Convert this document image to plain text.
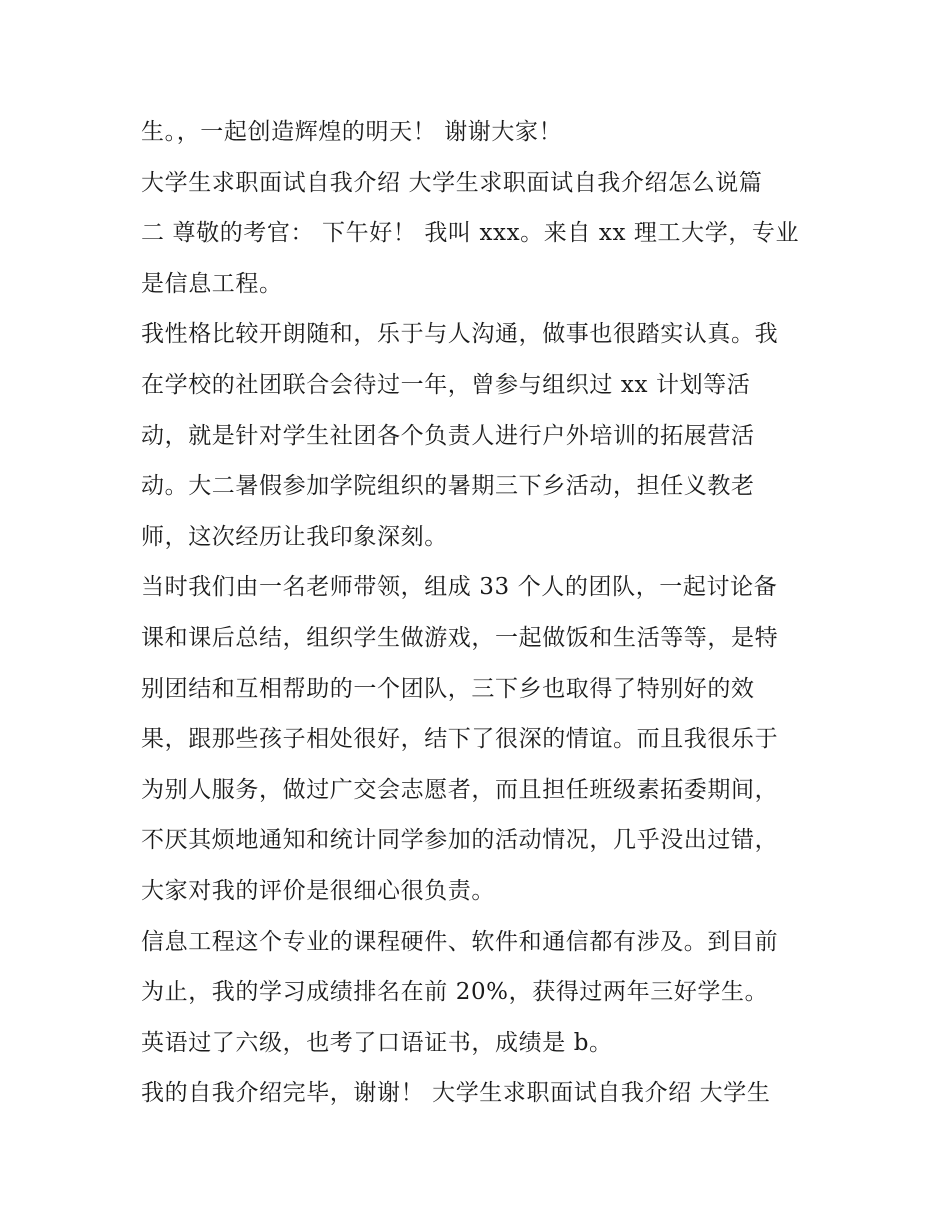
生。，一起创造辉煌的明天！ 谢谢大家！
大学生求职面试自我介绍 大学生求职面试自我介绍怎么说篇
二 尊敬的考官： 下午好！ 我叫 xxx。来自 xx 理工大学，专业
是信息工程。
我性格比较开朗随和，乐于与人沟通，做事也很踏实认真。我
在学校的社团联合会待过一年，曾参与组织过 xx 计划等活
动，就是针对学生社团各个负责人进行户外培训的拓展营活
动。大二暑假参加学院组织的暑期三下乡活动，担任义教老
师，这次经历让我印象深刻。
当时我们由一名老师带领，组成 33 个人的团队，一起讨论备
课和课后总结，组织学生做游戏，一起做饭和生活等等，是特
别团结和互相帮助的一个团队，三下乡也取得了特别好的效
果，跟那些孩子相处很好，结下了很深的情谊。而且我很乐于
为别人服务，做过广交会志愿者，而且担任班级素拓委期间，
不厌其烦地通知和统计同学参加的活动情况，几乎没出过错，
大家对我的评价是很细心很负责。
信息工程这个专业的课程硬件、软件和通信都有涉及。到目前
为止，我的学习成绩排名在前 20%，获得过两年三好学生。
英语过了六级，也考了口语证书，成绩是 b。
我的自我介绍完毕，谢谢！ 大学生求职面试自我介绍 大学生
